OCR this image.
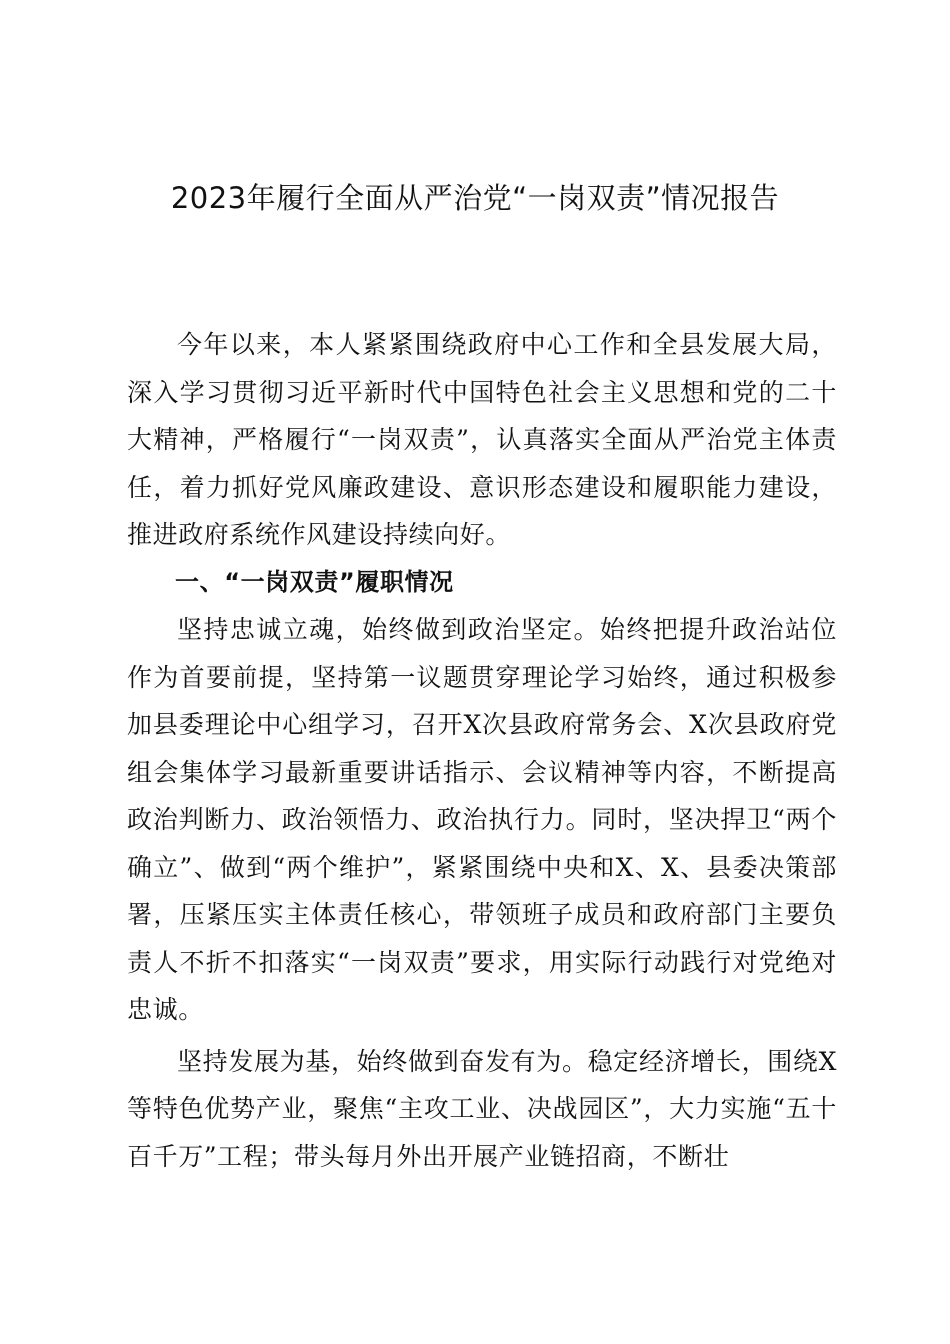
2023年履行全面从严治党“一岗双责”情况报告

今年以来，本人紧紧围绕政府中心工作和全县发展大局，深入学习贯彻习近平新时代中国特色社会主义思想和党的二十大精神，严格履行“一岗双责”，认真落实全面从严治党主体责任，着力抓好党风廉政建设、意识形态建设和履职能力建设，推进政府系统作风建设持续向好。

一、“一岗双责”履职情况

坚持忠诚立魂，始终做到政治坚定。始终把提升政治站位作为首要前提，坚持第一议题贯穿理论学习始终，通过积极参加县委理论中心组学习，召开X次县政府常务会、X次县政府党组会集体学习最新重要讲话指示、会议精神等内容，不断提高政治判断力、政治领悟力、政治执行力。同时，坚决捍卫“两个确立”、做到“两个维护”，紧紧围绕中央和X、X、县委决策部署，压紧压实主体责任核心，带领班子成员和政府部门主要负责人不折不扣落实“一岗双责”要求，用实际行动践行对党绝对忠诚。

坚持发展为基，始终做到奋发有为。稳定经济增长，围绕X等特色优势产业，聚焦“主攻工业、决战园区”，大力实施“五十百千万”工程；带头每月外出开展产业链招商，不断壮
